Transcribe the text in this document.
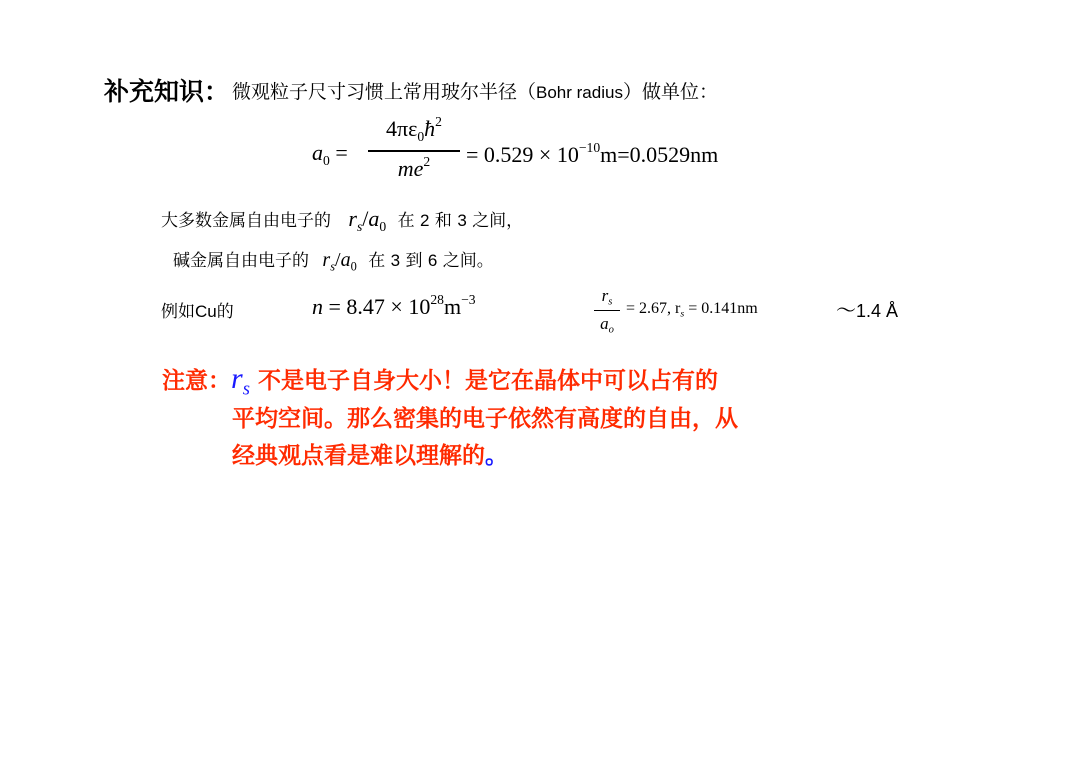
补充知识： 微观粒子尺寸习惯上常用玻尔半径（Bohr radius）做单位：
$a_0$ =
$4\pi\varepsilon_0ħ^2$
$me^2$	= $0.529 \times 10^{-10}m=0.0529nm$
大多数金属自由电子的 $r_s/a_0$ 在 2 和 3 之间，
碱金属自由电子的 $r_s/a_0$ 在 3 到 6 之间。
例如Cu的	$n = 8.47 \times 10^{28}m^{-3}$	$r_s$
$a_o$
= 2.67, $r_s = 0.141nm$	～1.4 Å
注意：$r_s$ 不是电子自身大小！是它在晶体中可以占有的
平均空间。那么密集的电子依然有高度的自由，从
经典观点看是难以理解的。
